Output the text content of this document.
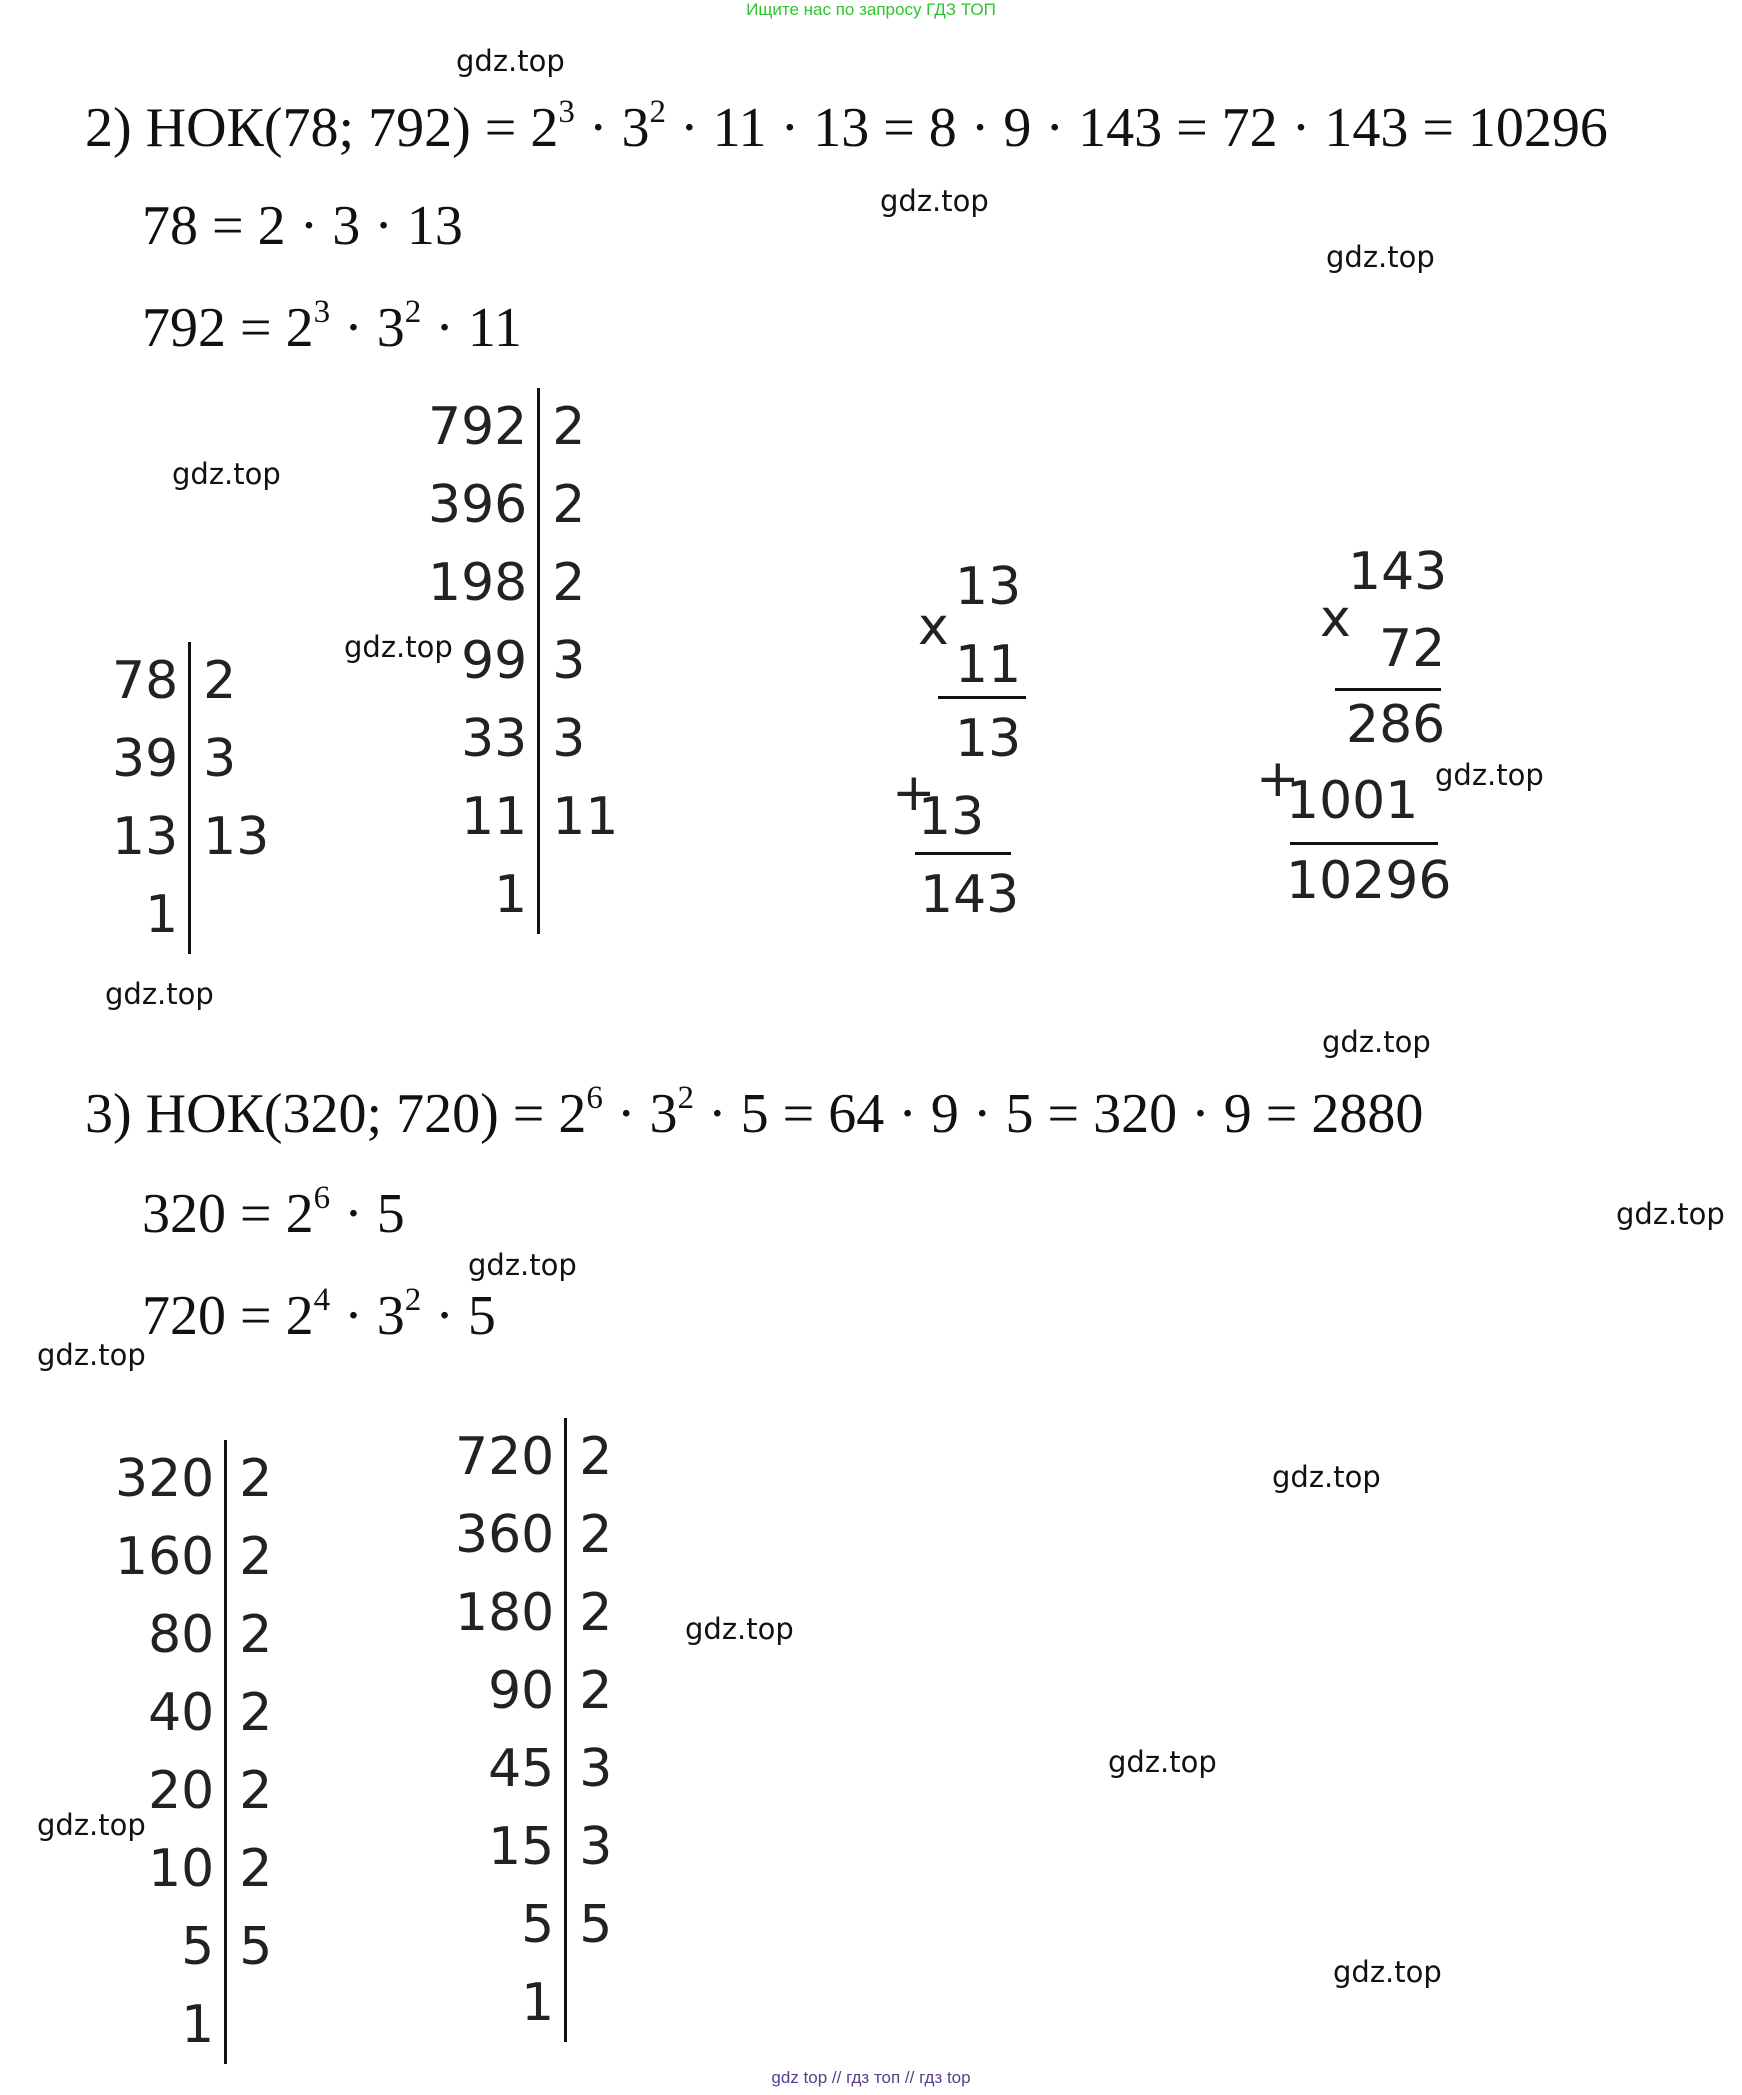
Ищите нас по запросу ГДЗ ТОП
gdz top // гдз топ // гдз top
gdz.top
gdz.top
gdz.top
gdz.top
gdz.top
gdz.top
gdz.top
gdz.top
gdz.top
gdz.top
gdz.top
gdz.top
gdz.top
gdz.top
gdz.top
gdz.top
2) НОК(78; $792) = 2^3 \cdot 3^2 \cdot 11 \cdot 13 = 8 \cdot 9 \cdot 143 = 72 \cdot 143 = 10296$
78 = 2 · 3 · 13
$792 = 2^3 \cdot 3^2 \cdot 11$
78	2
39	3
13	13
1	
792	2
396	2
198	2
99	3
33	3
11	11
1	
13
x
11
13
+
13
143
143
x 72
286
+
1001
10296
3) НОК(320; $720) = 2^6 \cdot 3^2 \cdot 5 = 64 \cdot 9 \cdot 5 = 320 \cdot 9 = 2880$
$320 = 2^6 \cdot 5$
$720 = 2^4 \cdot 3^2 \cdot 5$
320	2
160	2
80	2
40	2
20	2
10	2
5	5
1	
720	2
360	2
180	2
90	2
45	3
15	3
5	5
1	
